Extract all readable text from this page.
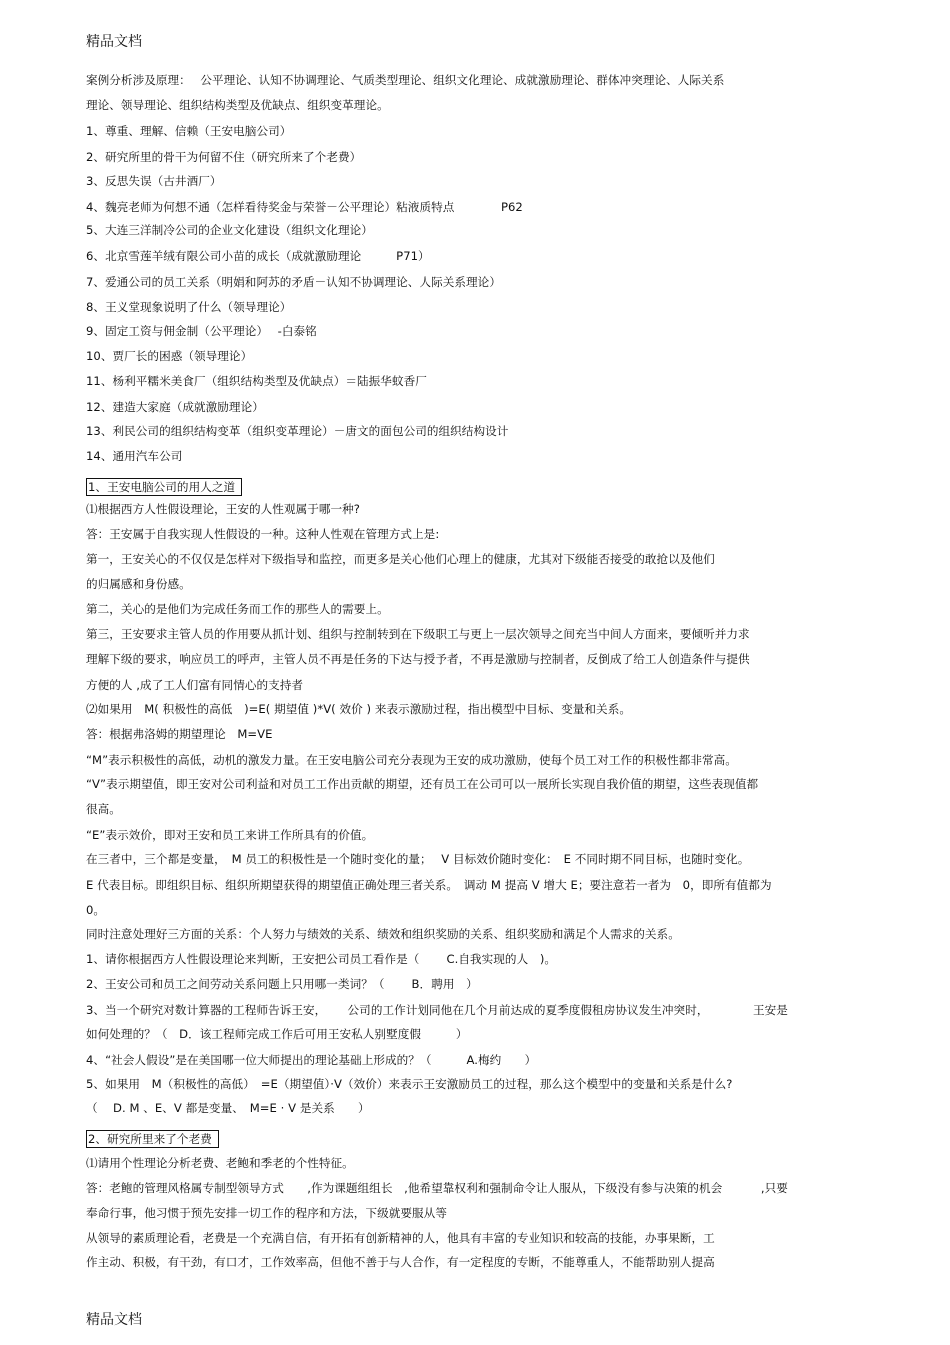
精品文档
案例分析涉及原理：　 公平理论、认知不协调理论、气质类型理论、组织文化理论、成就激励理论、群体冲突理论、人际关系
理论、领导理论、组织结构类型及优缺点、组织变革理论。
1、尊重、理解、信赖（王安电脑公司）
2、研究所里的骨干为何留不住（研究所来了个老费）
3、反思失误（古井酒厂）
4、魏亮老师为何想不通（怎样看待奖金与荣誉－公平理论）粘液质特点　　　　P62
5、大连三洋制冷公司的企业文化建设（组织文化理论）
6、北京雪莲羊绒有限公司小苗的成长（成就激励理论　　　P71）
7、爱通公司的员工关系（明娟和阿苏的矛盾－认知不协调理论、人际关系理论）
8、王义堂现象说明了什么（领导理论）
9、固定工资与佣金制（公平理论）　 -白泰铭
10、贾厂长的困惑（领导理论）
11、杨利平糯米美食厂（组织结构类型及优缺点）＝陆振华蚊香厂
12、建造大家庭（成就激励理论）
13、利民公司的组织结构变革（组织变革理论）－唐文的面包公司的组织结构设计
14、通用汽车公司
1、王安电脑公司的用人之道
⑴根据西方人性假设理论，王安的人性观属于哪一种?
答：王安属于自我实现人性假设的一种。这种人性观在管理方式上是:
第一，王安关心的不仅仅是怎样对下级指导和监控，而更多是关心他们心理上的健康，尤其对下级能否接受的敢抢以及他们
的归属感和身份感。
第二，关心的是他们为完成任务而工作的那些人的需要上。
第三，王安要求主管人员的作用要从抓计划、组织与控制转到在下级职工与更上一层次领导之间充当中间人方面来，要倾听并力求
理解下级的要求，响应员工的呼声，主管人员不再是任务的下达与授予者，不再是激励与控制者，反倒成了给工人创造条件与提供
方便的人 ,成了工人们富有同情心的支持者
⑵如果用　M( 积极性的高低　)=E( 期望值 )*V( 效价 ) 来表示激励过程，指出模型中目标、变量和关系。
答：根据弗洛姆的期望理论　M=VE
“M”表示积极性的高低，动机的激发力量。在王安电脑公司充分表现为王安的成功激励，使每个员工对工作的积极性都非常高。
“V”表示期望值，即王安对公司利益和对员工工作出贡献的期望，还有员工在公司可以一展所长实现自我价值的期望，这些表现值都
很高。
“E”表示效价，即对王安和员工来讲工作所具有的价值。
在三者中，三个都是变量，　M 员工的积极性是一个随时变化的量；　 V 目标效价随时变化：　E 不同时期不同目标，也随时变化。
E 代表目标。即组织目标、组织所期望获得的期望值正确处理三者关系。　调动 M 提高 V 增大 E；要注意若一者为　0，即所有值都为
0。
同时注意处理好三方面的关系：个人努力与绩效的关系、绩效和组织奖励的关系、组织奖励和满足个人需求的关系。
1、请你根据西方人性假设理论来判断，王安把公司员工看作是（　　 C.自我实现的人　)。
2、王安公司和员工之间劳动关系问题上只用哪一类词？（　　 B．聘用　）
3、当一个研究对数计算器的工程师告诉王安，　　 公司的工作计划同他在几个月前达成的夏季度假租房协议发生冲突时，　　　　 王安是
如何处理的？（　D．该工程师完成工作后可用王安私人别墅度假　　　）
4、“社会人假设”是在美国哪一位大师提出的理论基础上形成的？（　　　A.梅约　　）
5、如果用　M（积极性的高低）　=E（期望值）·V（效价）来表示王安激励员工的过程，那么这个模型中的变量和关系是什么?
（　 D. M 、E、V 都是变量、　M=E · V 是关系　　）
2、研究所里来了个老费
⑴请用个性理论分析老费、老鲍和季老的个性特征。
答：老鲍的管理风格属专制型领导方式　　,作为课题组组长　,他希望靠权利和强制命令让人服从，下级没有参与决策的机会　　　 ,只要
奉命行事，他习惯于预先安排一切工作的程序和方法，下级就要服从等
从领导的素质理论看，老费是一个充满自信，有开拓有创新精神的人，他具有丰富的专业知识和较高的技能，办事果断，工
作主动、积极，有干劲，有口才，工作效率高，但他不善于与人合作，有一定程度的专断，不能尊重人，不能帮助别人提高
精品文档
